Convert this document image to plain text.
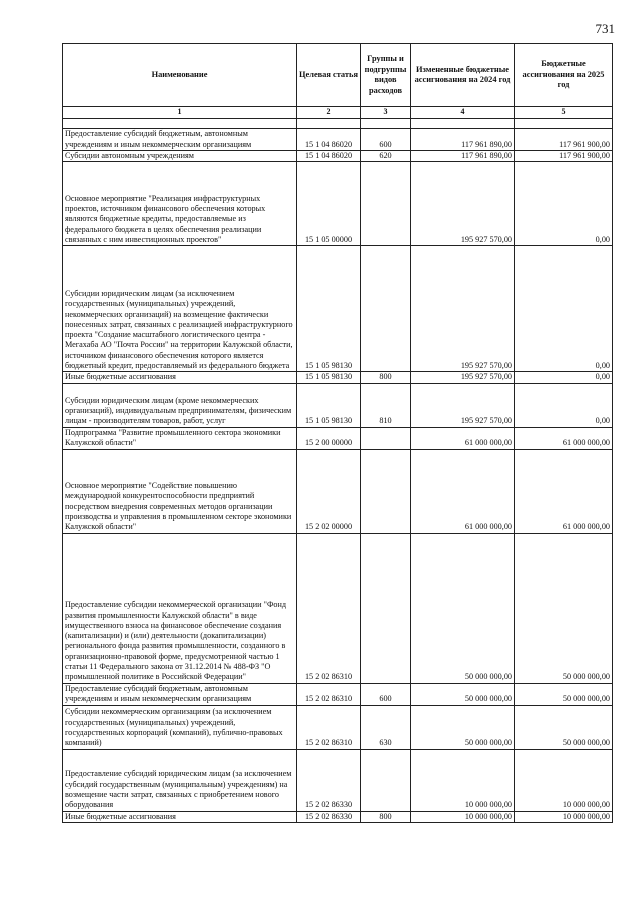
731
Наименование	Целевая статья	Группы и подгруппы видов расходов	Измененные бюджетные ассигнования на 2024 год	Бюджетные ассигнования на 2025 год
1	2	3	4	5

Предоставление субсидий бюджетным, автономным учреждениям и иным некоммерческим организациям	15 1 04 86020	600	117 961 890,00	117 961 900,00
Субсидии автономным учреждениям	15 1 04 86020	620	117 961 890,00	117 961 900,00
Основное мероприятие "Реализация инфраструктурных проектов, источником финансового обеспечения которых являются бюджетные кредиты, предоставляемые из федерального бюджета в целях обеспечения реализации связанных с ним инвестиционных проектов"	15 1 05 00000		195 927 570,00	0,00
Субсидии юридическим лицам (за исключением государственных (муниципальных) учреждений, некоммерческих организаций) на возмещение фактически понесенных затрат, связанных с реализацией инфраструктурного проекта "Создание масштабного логистического центра - Мегахаба АО "Почта России" на территории Калужской области, источником финансового обеспечения которого является бюджетный кредит, предоставляемый из федерального бюджета	15 1 05 98130		195 927 570,00	0,00
Иные бюджетные ассигнования	15 1 05 98130	800	195 927 570,00	0,00
Субсидии юридическим лицам (кроме некоммерческих организаций), индивидуальным предпринимателям, физическим лицам - производителям товаров, работ, услуг	15 1 05 98130	810	195 927 570,00	0,00
Подпрограмма "Развитие промышленного сектора экономики Калужской области"	15 2 00 00000		61 000 000,00	61 000 000,00
Основное мероприятие "Содействие повышению международной конкурентоспособности предприятий посредством внедрения современных методов организации производства и управления в промышленном секторе экономики Калужской области"	15 2 02 00000		61 000 000,00	61 000 000,00
Предоставление субсидии некоммерческой организации "Фонд развития промышленности Калужской области" в виде имущественного взноса на финансовое обеспечение создания (капитализации) и (или) деятельности (докапитализации) регионального фонда развития промышленности, созданного в организационно-правовой форме, предусмотренной частью 1 статьи 11 Федерального закона от 31.12.2014 № 488-ФЗ "О промышленной политике в Российской Федерации"	15 2 02 86310		50 000 000,00	50 000 000,00
Предоставление субсидий бюджетным, автономным учреждениям и иным некоммерческим организациям	15 2 02 86310	600	50 000 000,00	50 000 000,00
Субсидии некоммерческим организациям (за исключением государственных (муниципальных) учреждений, государственных корпораций (компаний), публично-правовых компаний)	15 2 02 86310	630	50 000 000,00	50 000 000,00
Предоставление субсидий юридическим лицам (за исключением субсидий государственным (муниципальным) учреждениям) на возмещение части затрат, связанных с приобретением нового оборудования	15 2 02 86330		10 000 000,00	10 000 000,00
Иные бюджетные ассигнования	15 2 02 86330	800	10 000 000,00	10 000 000,00
